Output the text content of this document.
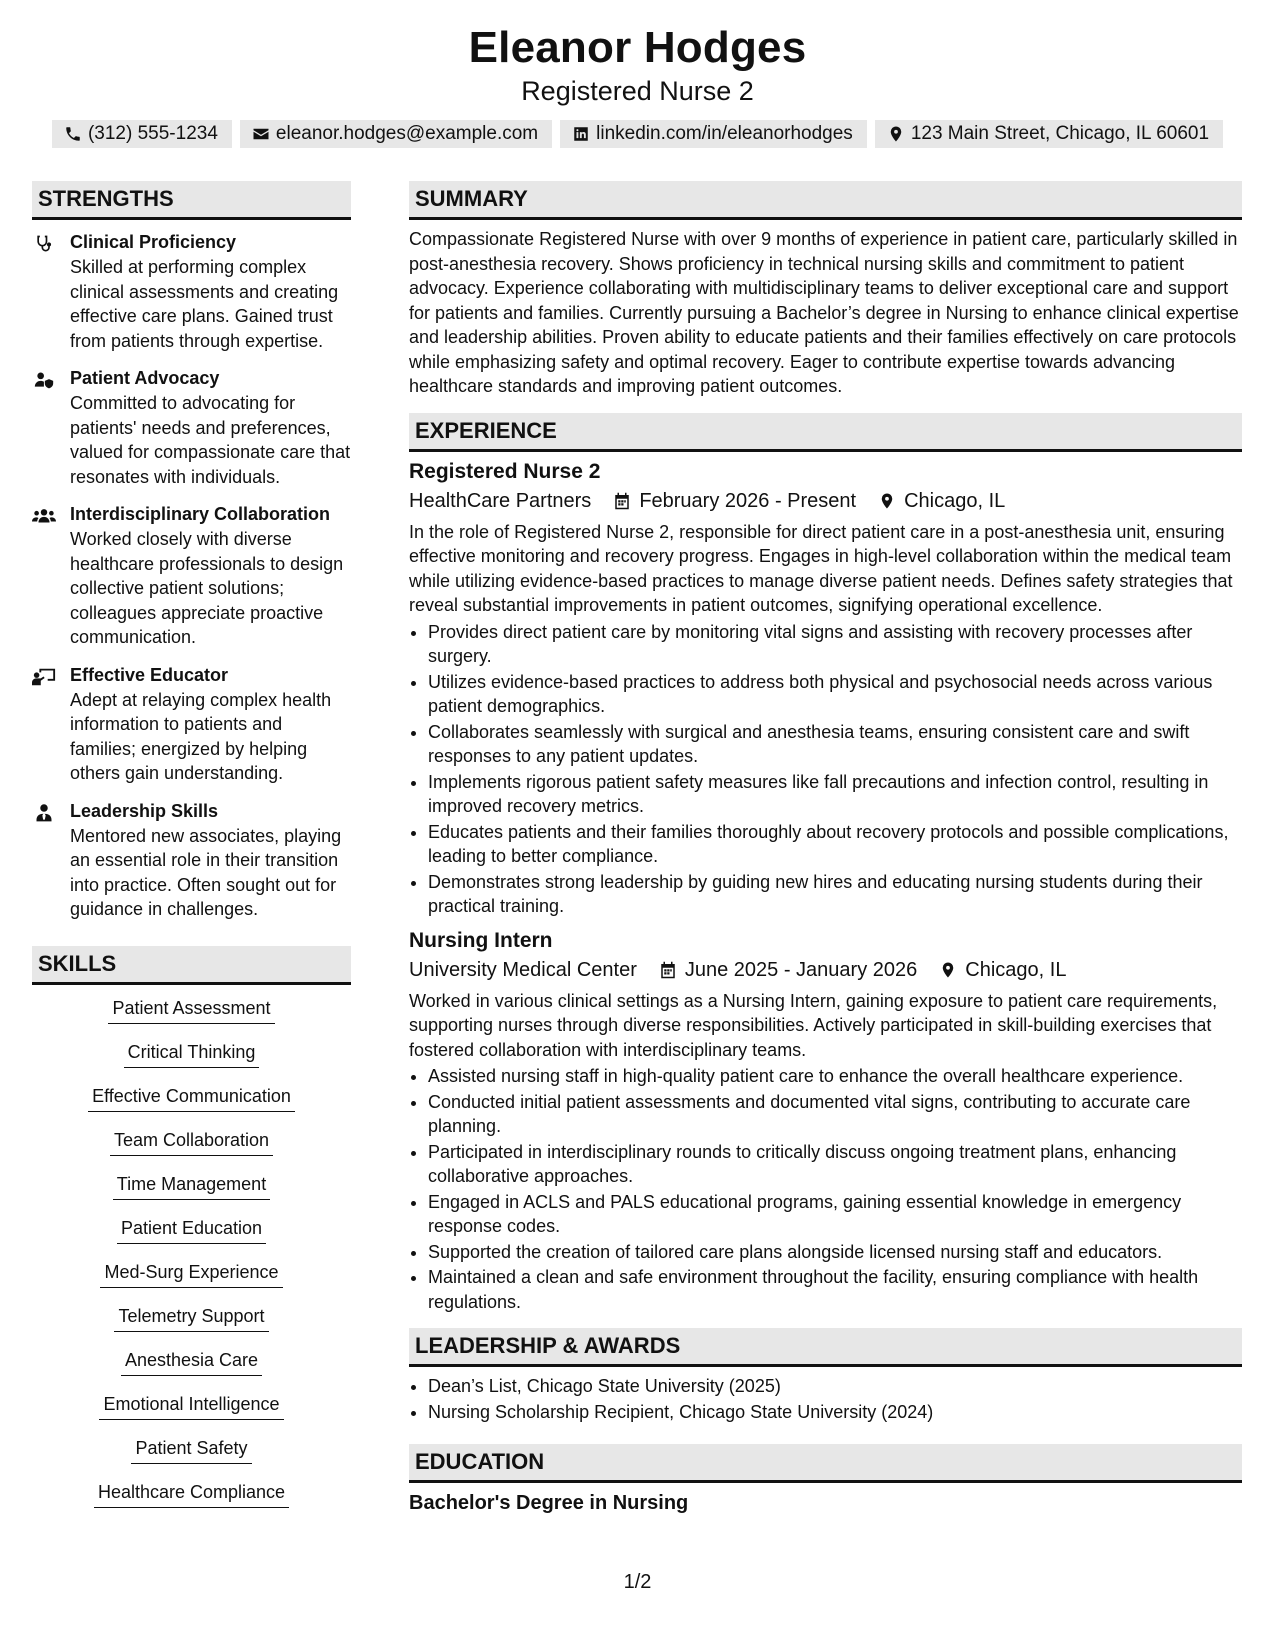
Eleanor Hodges
Registered Nurse 2
(312) 555-1234	eleanor.hodges@example.com	linkedin.com/in/eleanorhodges	123 Main Street, Chicago, IL 60601
STRENGTHS
Clinical Proficiency
Skilled at performing complex clinical assessments and creating effective care plans. Gained trust from patients through expertise.
Patient Advocacy
Committed to advocating for patients' needs and preferences, valued for compassionate care that resonates with individuals.
Interdisciplinary Collaboration
Worked closely with diverse healthcare professionals to design collective patient solutions; colleagues appreciate proactive communication.
Effective Educator
Adept at relaying complex health information to patients and families; energized by helping others gain understanding.
Leadership Skills
Mentored new associates, playing an essential role in their transition into practice. Often sought out for guidance in challenges.
SKILLS
Patient Assessment
Critical Thinking
Effective Communication
Team Collaboration
Time Management
Patient Education
Med-Surg Experience
Telemetry Support
Anesthesia Care
Emotional Intelligence
Patient Safety
Healthcare Compliance
SUMMARY

Compassionate Registered Nurse with over 9 months of experience in patient care, particularly skilled in post-anesthesia recovery. Shows proficiency in technical nursing skills and commitment to patient advocacy. Experience collaborating with multidisciplinary teams to deliver exceptional care and support for patients and families. Currently pursuing a Bachelor’s degree in Nursing to enhance clinical expertise and leadership abilities. Proven ability to educate patients and their families effectively on care protocols while emphasizing safety and optimal recovery. Eager to contribute expertise towards advancing healthcare standards and improving patient outcomes.

EXPERIENCE
Registered Nurse 2
HealthCare Partners February 2026 - Present Chicago, IL

In the role of Registered Nurse 2, responsible for direct patient care in a post-anesthesia unit, ensuring effective monitoring and recovery progress. Engages in high-level collaboration within the medical team while utilizing evidence-based practices to manage diverse patient needs. Defines safety strategies that reveal substantial improvements in patient outcomes, signifying operational excellence.

• Provides direct patient care by monitoring vital signs and assisting with recovery processes after surgery.
• Utilizes evidence-based practices to address both physical and psychosocial needs across various patient demographics.
• Collaborates seamlessly with surgical and anesthesia teams, ensuring consistent care and swift responses to any patient updates.
• Implements rigorous patient safety measures like fall precautions and infection control, resulting in improved recovery metrics.
• Educates patients and their families thoroughly about recovery protocols and possible complications, leading to better compliance.
• Demonstrates strong leadership by guiding new hires and educating nursing students during their practical training.
Nursing Intern
University Medical Center June 2025 - January 2026 Chicago, IL

Worked in various clinical settings as a Nursing Intern, gaining exposure to patient care requirements, supporting nurses through diverse responsibilities. Actively participated in skill-building exercises that fostered collaboration with interdisciplinary teams.

• Assisted nursing staff in high-quality patient care to enhance the overall healthcare experience.
• Conducted initial patient assessments and documented vital signs, contributing to accurate care planning.
• Participated in interdisciplinary rounds to critically discuss ongoing treatment plans, enhancing collaborative approaches.
• Engaged in ACLS and PALS educational programs, gaining essential knowledge in emergency response codes.
• Supported the creation of tailored care plans alongside licensed nursing staff and educators.
• Maintained a clean and safe environment throughout the facility, ensuring compliance with health regulations.
LEADERSHIP & AWARDS
• Dean’s List, Chicago State University (2025)
• Nursing Scholarship Recipient, Chicago State University (2024)
EDUCATION
Bachelor's Degree in Nursing
1/2
